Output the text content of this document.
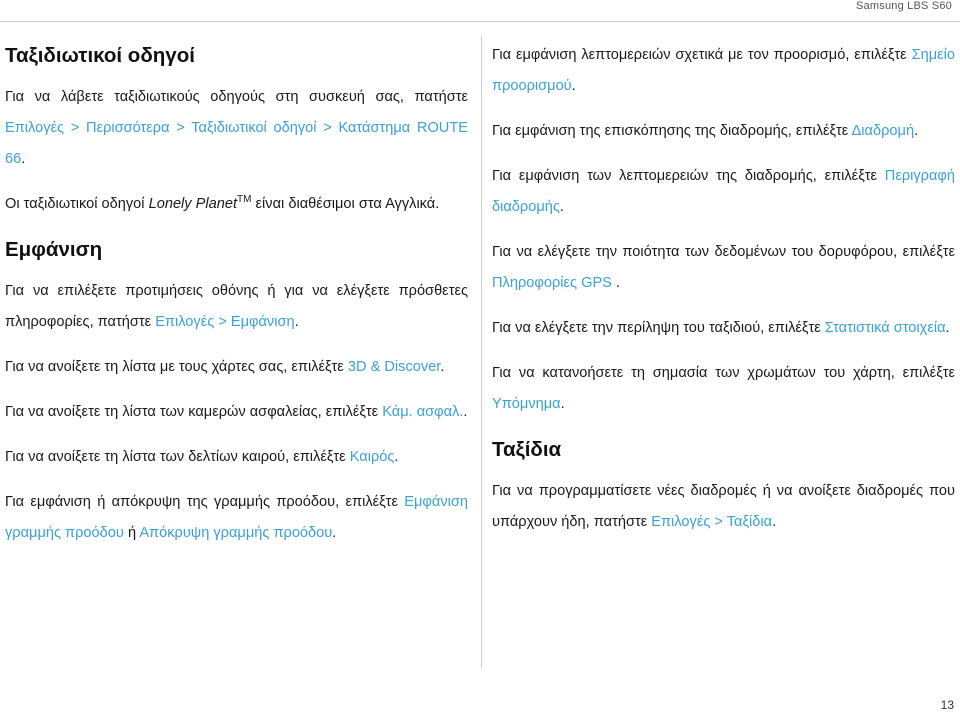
Samsung LBS S60
Ταξιδιωτικοί οδηγοί

Για να λάβετε ταξιδιωτικούς οδηγούς στη συσκευή σας, πατήστε Επιλογές > Περισσότερα > Ταξιδιωτικοί οδηγοί > Κατάστημα ROUTE 66.

Οι ταξιδιωτικοί οδηγοί Lonely Planet™ είναι διαθέσιμοι στα Αγγλικά.

Εμφάνιση

Για να επιλέξετε προτιμήσεις οθόνης ή για να ελέγξετε πρόσθετες πληροφορίες, πατήστε Επιλογές > Εμφάνιση.

Για να ανοίξετε τη λίστα με τους χάρτες σας, επιλέξτε 3D & Discover.

Για να ανοίξετε τη λίστα των καμερών ασφαλείας, επιλέξτε Κάμ. ασφαλ..

Για να ανοίξετε τη λίστα των δελτίων καιρού, επιλέξτε Καιρός.

Για εμφάνιση ή απόκρυψη της γραμμής προόδου, επιλέξτε Εμφάνιση γραμμής προόδου ή Απόκρυψη γραμμής προόδου.

Για εμφάνιση λεπτομερειών σχετικά με τον προορισμό, επιλέξτε Σημείο προορισμού.

Για εμφάνιση της επισκόπησης της διαδρομής, επιλέξτε Διαδρομή.

Για εμφάνιση των λεπτομερειών της διαδρομής, επιλέξτε Περιγραφή διαδρομής.

Για να ελέγξετε την ποιότητα των δεδομένων του δορυφόρου, επιλέξτε Πληροφορίες GPS .

Για να ελέγξετε την περίληψη του ταξιδιού, επιλέξτε Στατιστικά στοιχεία.

Για να κατανοήσετε τη σημασία των χρωμάτων του χάρτη, επιλέξτε Υπόμνημα.

Ταξίδια

Για να προγραμματίσετε νέες διαδρομές ή να ανοίξετε διαδρομές που υπάρχουν ήδη, πατήστε Επιλογές > Ταξίδια.

13
